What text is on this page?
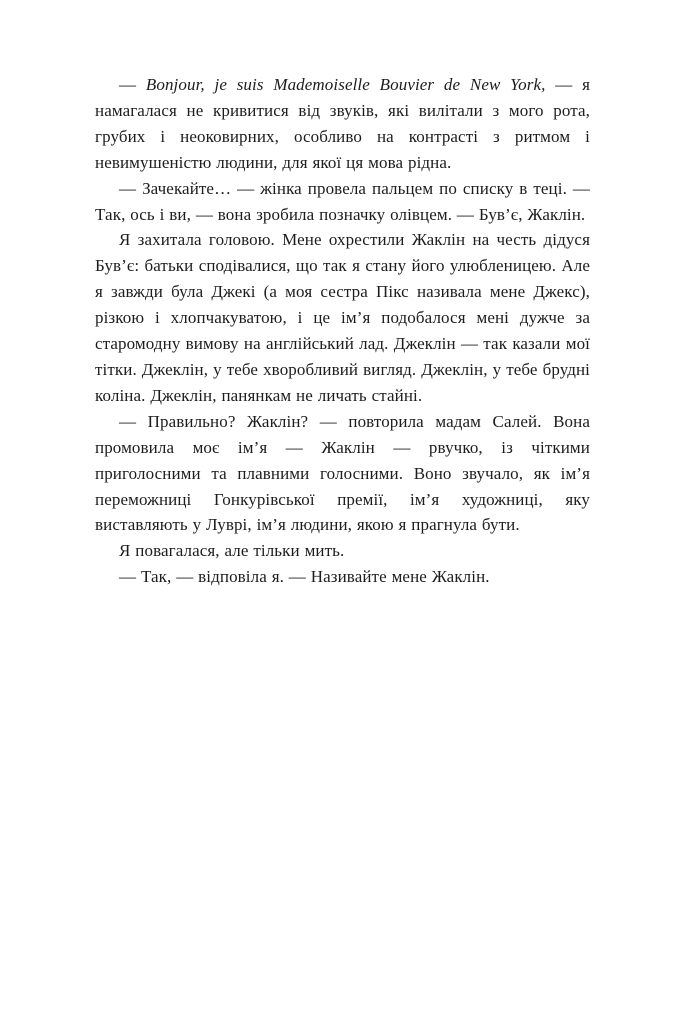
— Bonjour, je suis Mademoiselle Bouvier de New York, — я намагалася не кривитися від звуків, які вилітали з мого рота, грубих і неоковирних, особливо на контрасті з ритмом і невимушеністю людини, для якої ця мова рідна.

— Зачекайте… — жінка провела пальцем по списку в теці. — Так, ось і ви, — вона зробила позначку олівцем. — Був’є, Жаклін.

Я захитала головою. Мене охрестили Жаклін на честь дідуся Був’є: батьки сподівалися, що так я стану його улюбленицею. Але я завжди була Джекі (а моя сестра Пікс називала мене Джекс), різкою і хлопчакуватою, і це ім’я подобалося мені дужче за старомодну вимову на англійський лад. Джеклін — так казали мої тітки. Джеклін, у тебе хворобливий вигляд. Джеклін, у тебе брудні коліна. Джеклін, панянкам не личать стайні.

— Правильно? Жаклін? — повторила мадам Салей. Вона промовила моє ім’я — Жаклін — рвучко, із чіткими приголосними та плавними голосними. Воно звучало, як ім’я переможниці Гонкурівської премії, ім’я художниці, яку виставляють у Луврі, ім’я людини, якою я прагнула бути.

Я повагалася, але тільки мить.

— Так, — відповіла я. — Називайте мене Жаклін.
